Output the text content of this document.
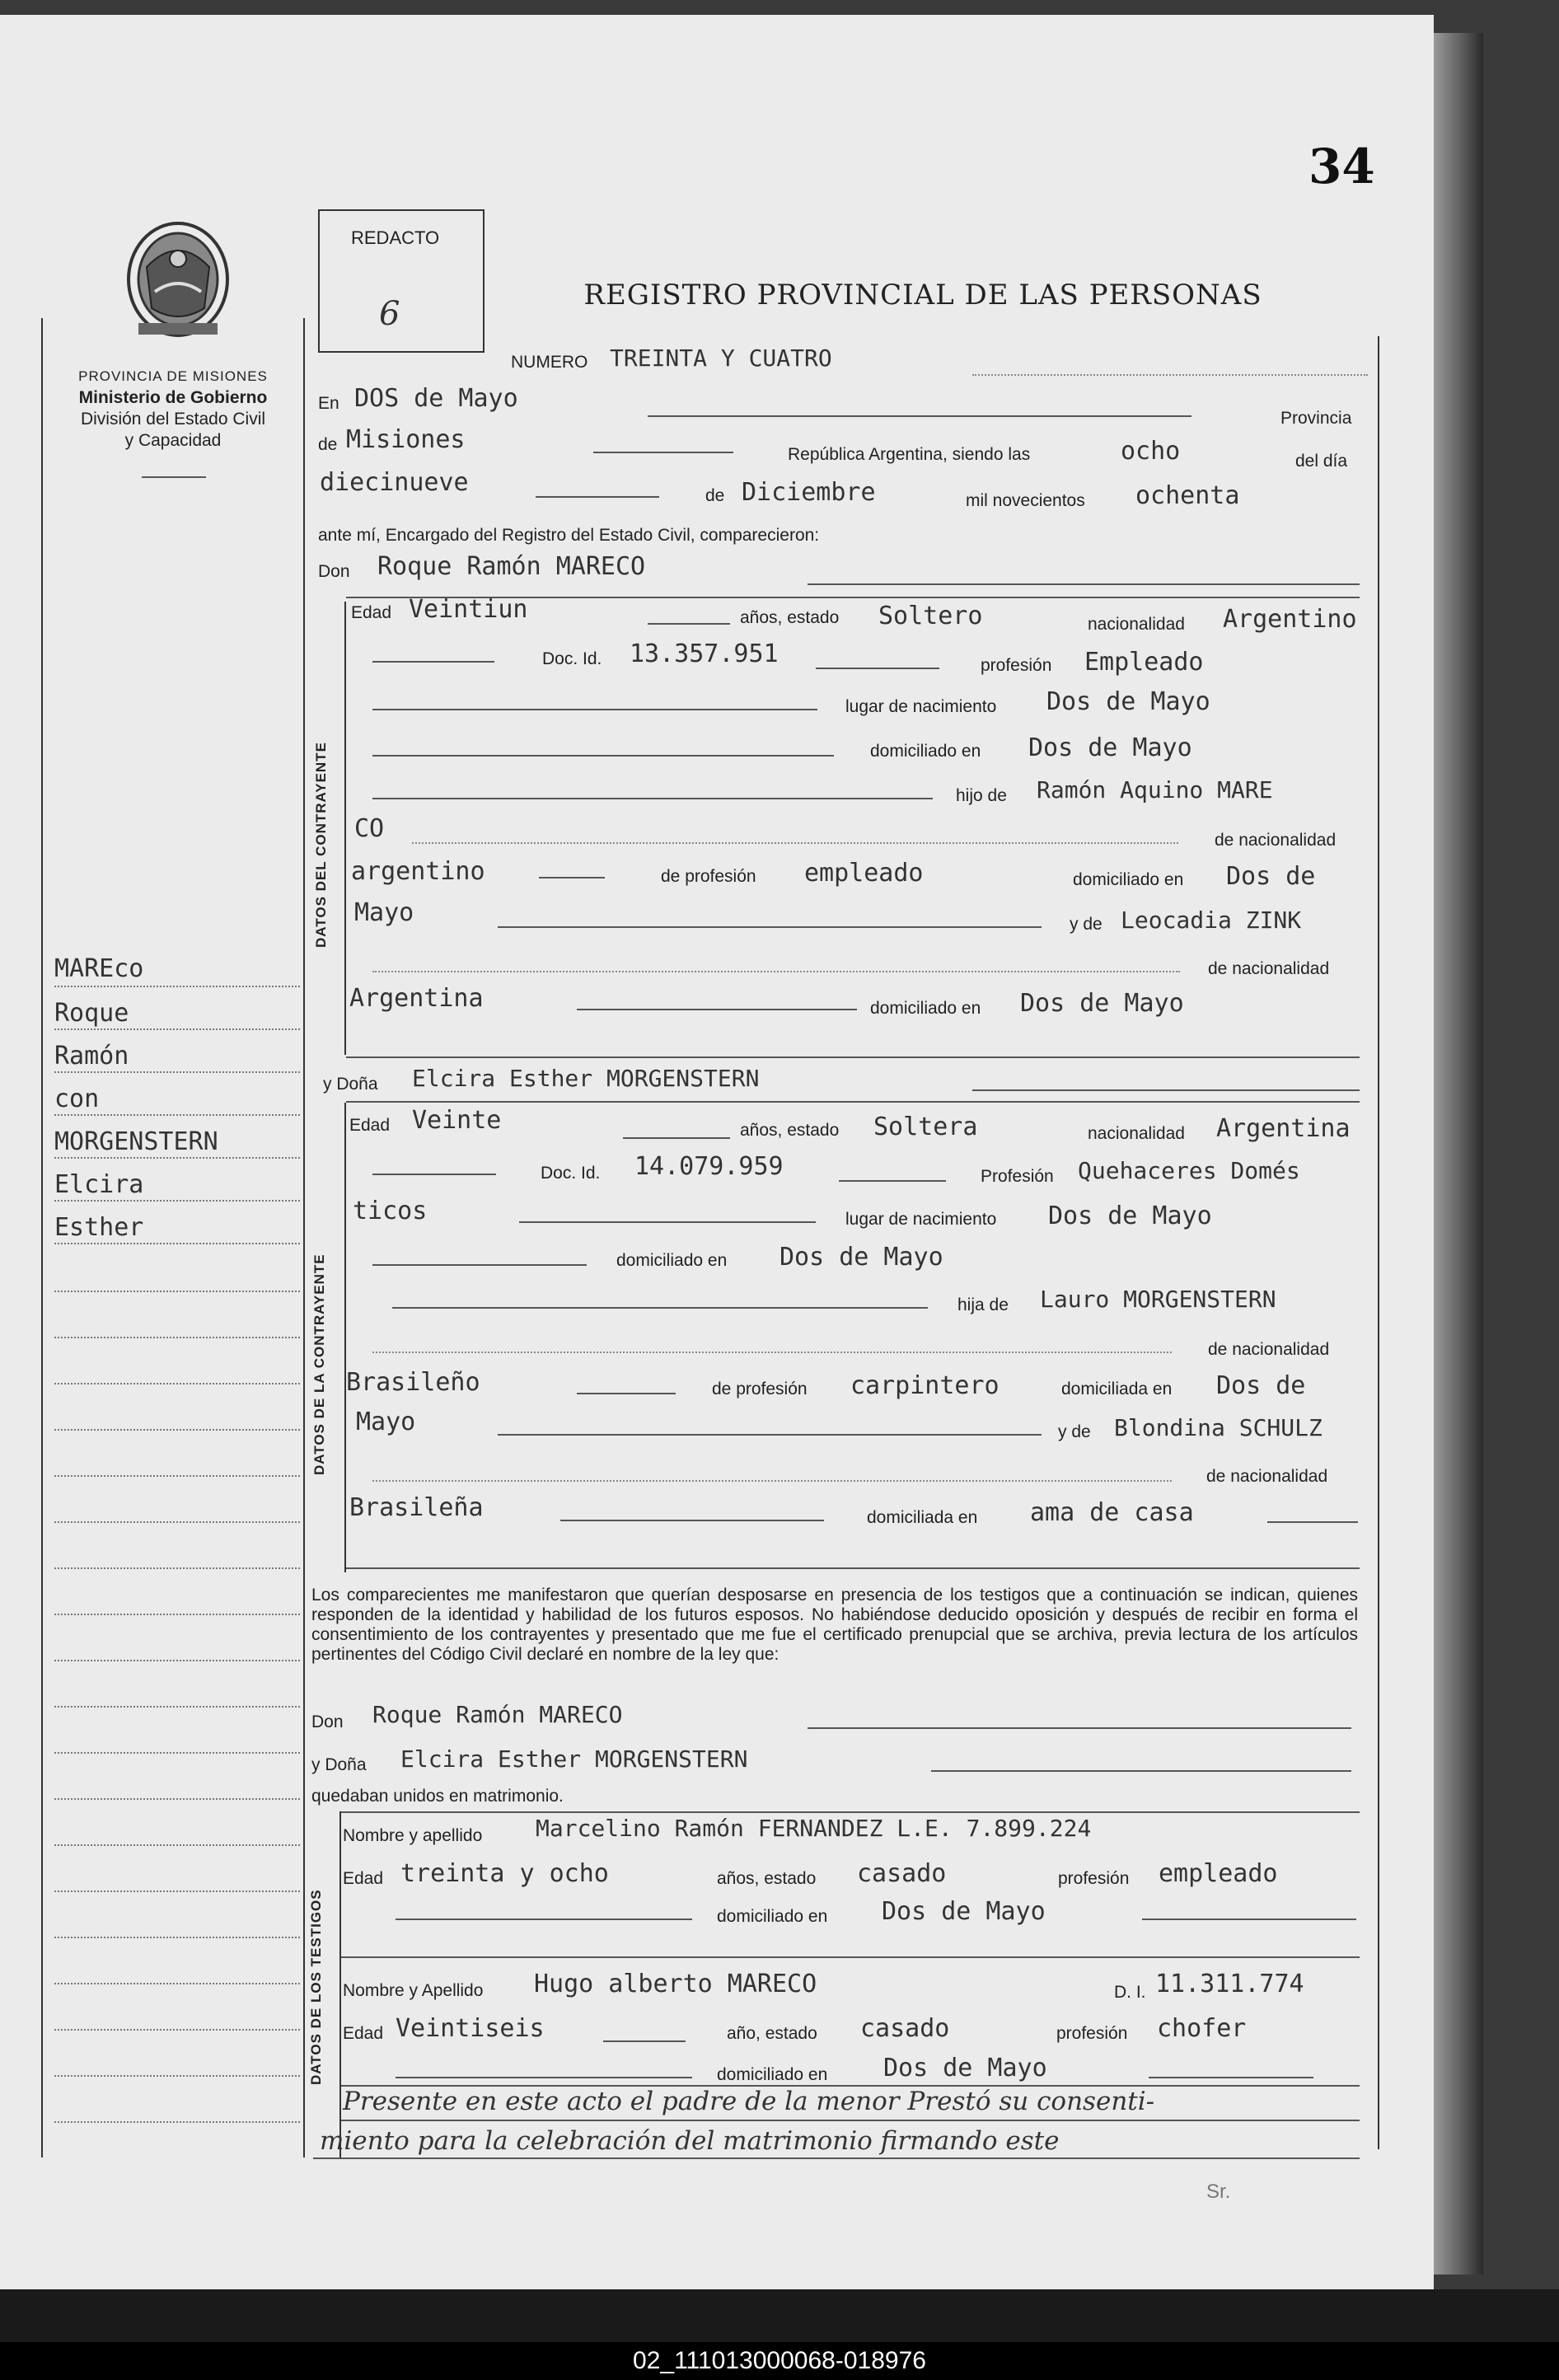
34
PROVINCIA DE MISIONES
Ministerio de Gobierno
División del Estado Civil
y Capacidad
REDACTO
6	REGISTRO PROVINCIAL DE LAS PERSONAS
MAREco
Roque
Ramón
con
MORGENSTERN
Elcira
Esther
NUMERO TREINTA Y CUATRO
En DOS de Mayo
Provincia
de Misiones
República Argentina, siendo las	ocho	del día
diecinueve	de Diciembre	mil novecientos ochenta
ante mí, Encargado del Registro del Estado Civil, comparecieron:
Don Roque Ramón MARECO
DATOS DEL CONTRAYENTE
Edad Veintiun	años, estado Soltero	nacionalidad Argentino
Doc. Id. 13.357.951	profesión Empleado
lugar de nacimiento Dos de Mayo
domiciliado en Dos de Mayo
hijo de Ramón Aquino MARE
CO	de nacionalidad
argentino	de profesión empleado	domiciliado en Dos de
Mayo	y de Leocadia ZINK
de nacionalidad
Argentina	domiciliado en Dos de Mayo
y Doña Elcira Esther MORGENSTERN
DATOS DE LA CONTRAYENTE
Edad Veinte	años, estado Soltera	nacionalidad Argentina
Doc. Id. 14.079.959	Profesión Quehaceres Domés
ticos	lugar de nacimiento Dos de Mayo
domiciliado en Dos de Mayo
hija de Lauro MORGENSTERN
de nacionalidad
Brasileño	de profesión carpintero	domiciliada en Dos de
Mayo	y de Blondina SCHULZ
de nacionalidad
Brasileña	domiciliada en ama de casa
Los comparecientes me manifestaron que querían desposarse en presencia de los testigos que a continuación se indican, quienes responden de la identidad y habilidad de los futuros esposos. No habiéndose deducido oposición y después de recibir en forma el consentimiento de los contrayentes y presentado que me fue el certificado prenupcial que se archiva, previa lectura de los artículos pertinentes del Código Civil declaré en nombre de la ley que:
Don Roque Ramón MARECO
y Doña Elcira Esther MORGENSTERN
quedaban unidos en matrimonio.
DATOS DE LOS TESTIGOS
Nombre y apellido Marcelino Ramón FERNANDEZ L.E. 7.899.224
Edad treinta y ocho	años, estado casado	profesión empleado
domiciliado en Dos de Mayo
Nombre y Apellido Hugo alberto MARECO	D. I. 11.311.774
Edad Veintiseis	año, estado casado	profesión chofer
domiciliado en Dos de Mayo
Presente en este acto el padre de la menor Prestó su consenti-
miento para la celebración del matrimonio firmando este
Sr.
02_111013000068-018976
